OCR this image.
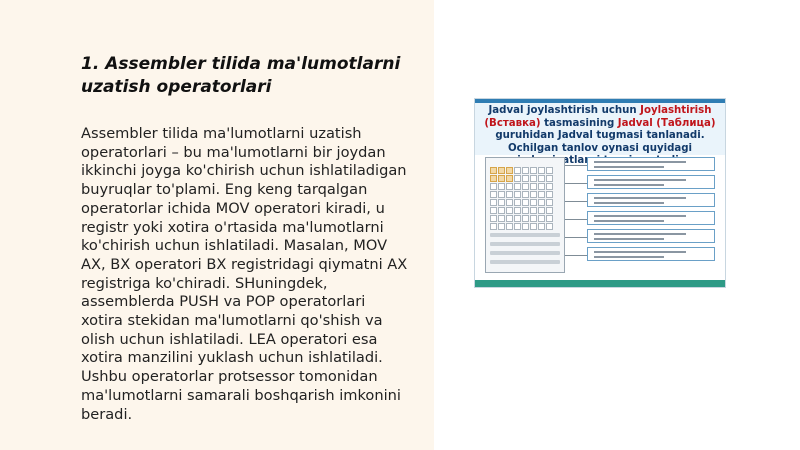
1. Assembler tilida ma'lumotlarni
uzatish operatorlari

Assembler tilida ma'lumotlarni uzatish
operatorlari – bu ma'lumotlarni bir joydan
ikkinchi joyga ko'chirish uchun ishlatiladigan
buyruqlar to'plami. Eng keng tarqalgan
operatorlar ichida MOV operatori kiradi, u
registr yoki xotira o'rtasida ma'lumotlarni
ko'chirish uchun ishlatiladi. Masalan, MOV
AX, BX operatori BX registridagi qiymatni AX
registriga ko'chiradi. SHuningdek,
assemblerda PUSH va POP operatorlari
xotira stekidan ma'lumotlarni qo'shish va
olish uchun ishlatiladi. LEA operatori esa
xotira manzilini yuklash uchun ishlatiladi.
Ushbu operatorlar protsessor tomonidan
ma'lumotlarni samarali boshqarish imkonini
beradi.

Jadval joylashtirish uchun Joylashtirish
(Вставка) tasmasining Jadval (Таблица)
guruhidan Jadval tugmasi tanlanadi.
Ochilgan tanlov oynasi quyidagi
